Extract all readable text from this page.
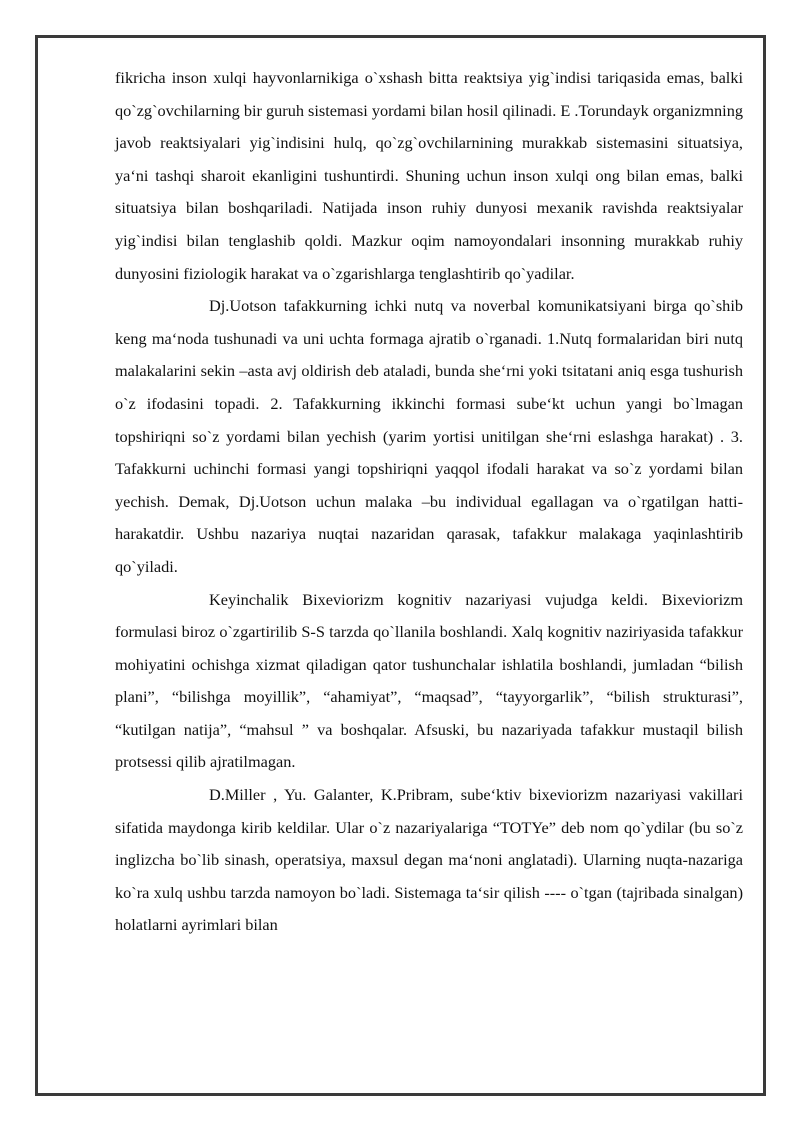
fikricha inson xulqi hayvonlarnikiga o`xshash bitta reaktsiya yig`indisi tariqasida emas, balki qo`zg`ovchilarning bir guruh sistemasi yordami bilan hosil qilinadi. E .Torundayk organizmning javob reaktsiyalari yig`indisini hulq, qo`zg`ovchilarnining murakkab sistemasini situatsiya, ya‘ni tashqi sharoit ekanligini tushuntirdi. Shuning uchun inson xulqi ong bilan emas, balki situatsiya bilan boshqariladi. Natijada inson ruhiy dunyosi mexanik ravishda reaktsiyalar yig`indisi bilan tenglashib qoldi. Mazkur oqim namoyondalari insonning murakkab ruhiy dunyosini fiziologik harakat va o`zgarishlarga tenglashtirib qo`yadilar.

Dj.Uotson tafakkurning ichki nutq va noverbal komunikatsiyani birga qo`shib keng ma‘noda tushunadi va uni uchta formaga ajratib o`rganadi. 1.Nutq formalaridan biri nutq malakalarini sekin –asta avj oldirish deb ataladi, bunda she‘rni yoki tsitatani aniq esga tushurish o`z ifodasini topadi. 2. Tafakkurning ikkinchi formasi sube‘kt uchun yangi bo`lmagan topshiriqni so`z yordami bilan yechish (yarim yortisi unitilgan she‘rni eslashga harakat) . 3. Tafakkurni uchinchi formasi yangi topshiriqni yaqqol ifodali harakat va so`z yordami bilan yechish. Demak, Dj.Uotson uchun malaka –bu individual egallagan va o`rgatilgan hatti-harakatdir. Ushbu nazariya nuqtai nazaridan qarasak, tafakkur malakaga yaqinlashtirib qo`yiladi.

Keyinchalik Bixeviorizm kognitiv nazariyasi vujudga keldi. Bixeviorizm formulasi biroz o`zgartirilib S-S tarzda qo`llanila boshlandi. Xalq kognitiv naziriyasida tafakkur mohiyatini ochishga xizmat qiladigan qator tushunchalar ishlatila boshlandi, jumladan “bilish plani”, “bilishga moyillik”, “ahamiyat”, “maqsad”, “tayyorgarlik”, “bilish strukturasi”, “kutilgan natija”, “mahsul ” va boshqalar. Afsuski, bu nazariyada tafakkur mustaqil bilish protsessi qilib ajratilmagan.

D.Miller , Yu. Galanter, K.Pribram, sube‘ktiv bixeviorizm nazariyasi vakillari sifatida maydonga kirib keldilar. Ular o`z nazariyalariga “TOTYe” deb nom qo`ydilar (bu so`z inglizcha bo`lib sinash, operatsiya, maxsul degan ma‘noni anglatadi). Ularning nuqta-nazariga ko`ra xulq ushbu tarzda namoyon bo`ladi. Sistemaga ta‘sir qilish ---- o`tgan (tajribada sinalgan) holatlarni ayrimlari bilan
